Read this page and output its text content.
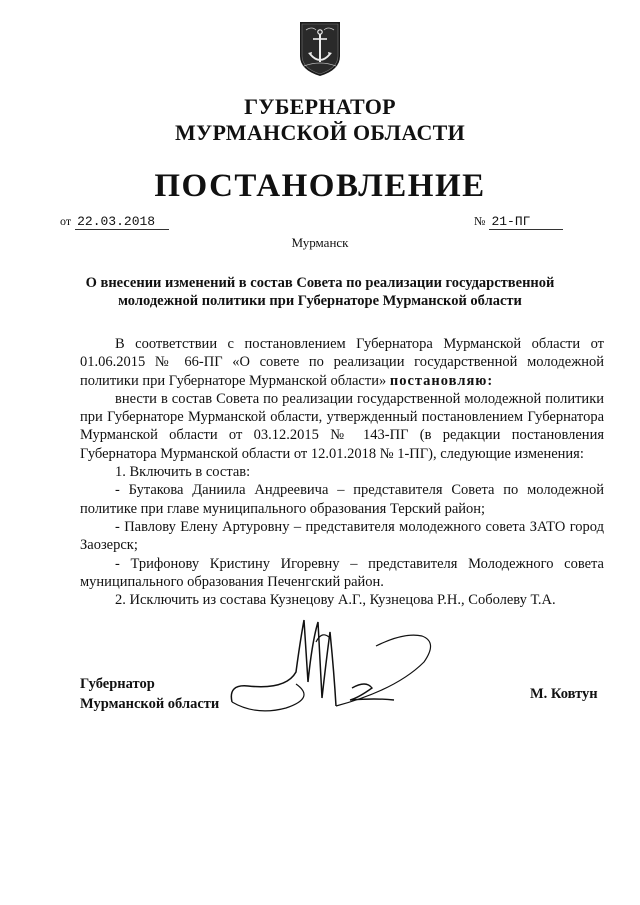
ГУБЕРНАТОР
МУРМАНСКОЙ ОБЛАСТИ
ПОСТАНОВЛЕНИЕ
от 22.03.2018	№ 21-ПГ
Мурманск
О внесении изменений в состав Совета по реализации государственной
молодежной политики при Губернаторе Мурманской области

В соответствии с постановлением Губернатора Мурманской области от 01.06.2015 № 66-ПГ «О совете по реализации государственной молодежной политики при Губернаторе Мурманской области» постановляю:

внести в состав Совета по реализации государственной молодежной политики при Губернаторе Мурманской области, утвержденный постановлением Губернатора Мурманской области от 03.12.2015 № 143-ПГ (в редакции постановления Губернатора Мурманской области от 12.01.2018 № 1-ПГ), следующие изменения:

1. Включить в состав:

- Бутакова Даниила Андреевича – представителя Совета по молодежной политике при главе муниципального образования Терский район;

- Павлову Елену Артуровну – представителя молодежного совета ЗАТО город Заозерск;

- Трифонову Кристину Игоревну – представителя Молодежного совета муниципального образования Печенгский район.

2. Исключить из состава Кузнецову А.Г., Кузнецова Р.Н., Соболеву Т.А.

Губернатор
Мурманской области
М. Ковтун
